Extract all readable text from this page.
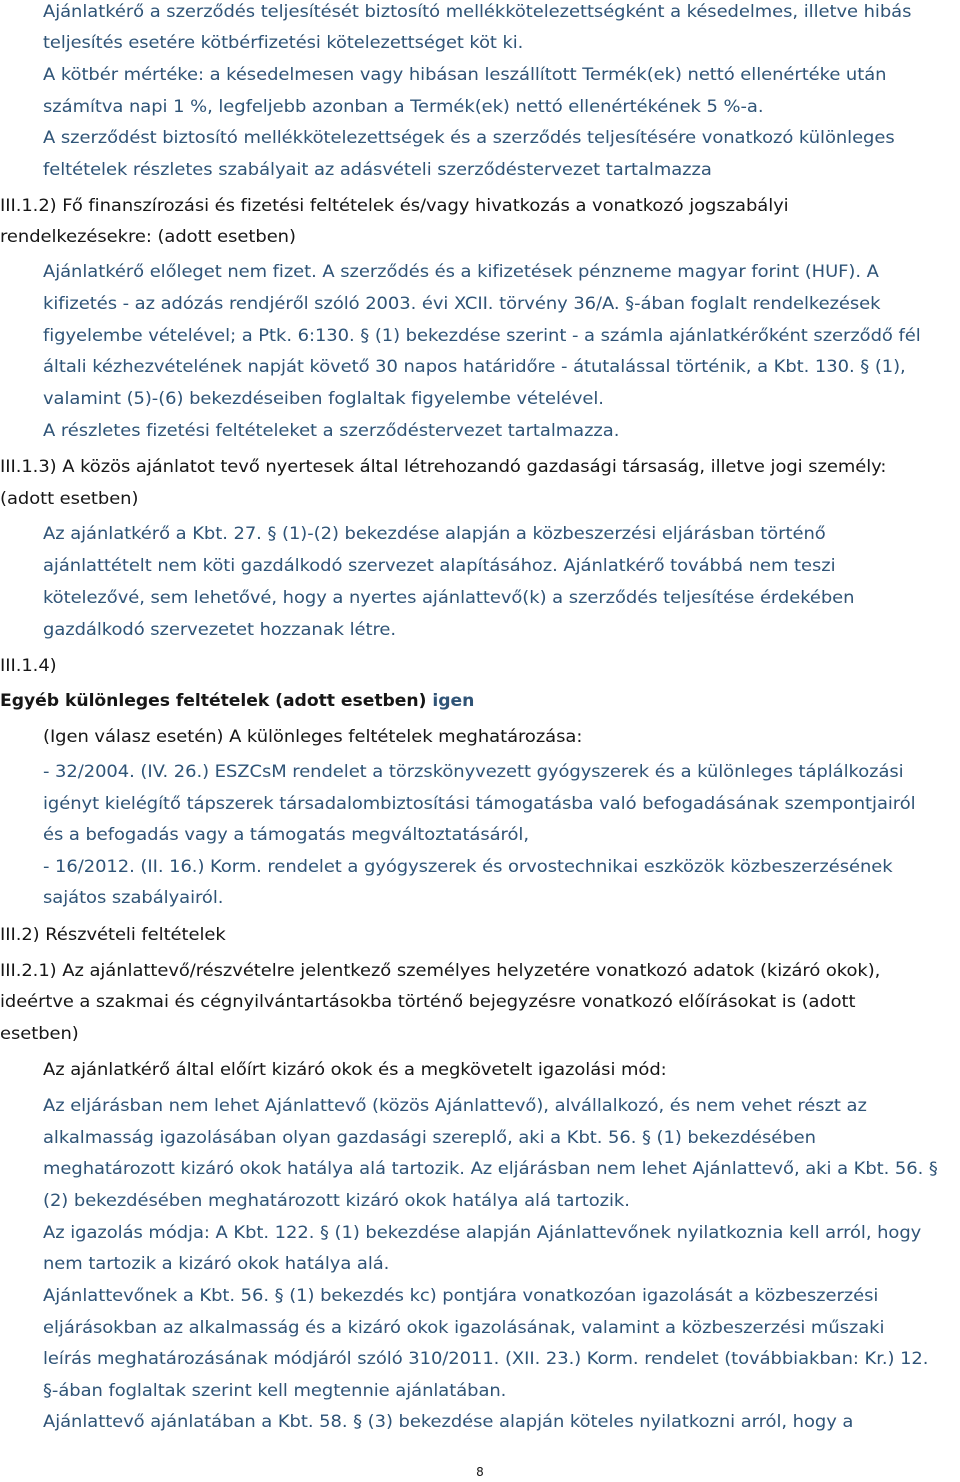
Ajánlatkérő a szerződés teljesítését biztosító mellékkötelezettségként a késedelmes, illetve hibás
teljesítés esetére kötbérfizetési kötelezettséget köt ki.
A kötbér mértéke: a késedelmesen vagy hibásan leszállított Termék(ek) nettó ellenértéke után
számítva napi 1 %, legfeljebb azonban a Termék(ek) nettó ellenértékének 5 %-a.
A szerződést biztosító mellékkötelezettségek és a szerződés teljesítésére vonatkozó különleges
feltételek részletes szabályait az adásvételi szerződéstervezet tartalmazza
III.1.2) Fő finanszírozási és fizetési feltételek és/vagy hivatkozás a vonatkozó jogszabályi
rendelkezésekre: (adott esetben)
Ajánlatkérő előleget nem fizet. A szerződés és a kifizetések pénzneme magyar forint (HUF). A
kifizetés - az adózás rendjéről szóló 2003. évi XCII. törvény 36/A. §-ában foglalt rendelkezések
figyelembe vételével; a Ptk. 6:130. § (1) bekezdése szerint - a számla ajánlatkérőként szerződő fél
általi kézhezvételének napját követő 30 napos határidőre - átutalással történik, a Kbt. 130. § (1),
valamint (5)-(6) bekezdéseiben foglaltak figyelembe vételével.
A részletes fizetési feltételeket a szerződéstervezet tartalmazza.
III.1.3) A közös ajánlatot tevő nyertesek által létrehozandó gazdasági társaság, illetve jogi személy:
(adott esetben)
Az ajánlatkérő a Kbt. 27. § (1)-(2) bekezdése alapján a közbeszerzési eljárásban történő
ajánlattételt nem köti gazdálkodó szervezet alapításához. Ajánlatkérő továbbá nem teszi
kötelezővé, sem lehetővé, hogy a nyertes ajánlattevő(k) a szerződés teljesítése érdekében
gazdálkodó szervezetet hozzanak létre.
III.1.4)
Egyéb különleges feltételek (adott esetben) igen
(Igen válasz esetén) A különleges feltételek meghatározása:
- 32/2004. (IV. 26.) ESZCsM rendelet a törzskönyvezett gyógyszerek és a különleges táplálkozási
igényt kielégítő tápszerek társadalombiztosítási támogatásba való befogadásának szempontjairól
és a befogadás vagy a támogatás megváltoztatásáról,
- 16/2012. (II. 16.) Korm. rendelet a gyógyszerek és orvostechnikai eszközök közbeszerzésének
sajátos szabályairól.
III.2) Részvételi feltételek
III.2.1) Az ajánlattevő/részvételre jelentkező személyes helyzetére vonatkozó adatok (kizáró okok),
ideértve a szakmai és cégnyilvántartásokba történő bejegyzésre vonatkozó előírásokat is (adott
esetben)
Az ajánlatkérő által előírt kizáró okok és a megkövetelt igazolási mód:
Az eljárásban nem lehet Ajánlattevő (közös Ajánlattevő), alvállalkozó, és nem vehet részt az
alkalmasság igazolásában olyan gazdasági szereplő, aki a Kbt. 56. § (1) bekezdésében
meghatározott kizáró okok hatálya alá tartozik. Az eljárásban nem lehet Ajánlattevő, aki a Kbt. 56. §
(2) bekezdésében meghatározott kizáró okok hatálya alá tartozik.
Az igazolás módja: A Kbt. 122. § (1) bekezdése alapján Ajánlattevőnek nyilatkoznia kell arról, hogy
nem tartozik a kizáró okok hatálya alá.
Ajánlattevőnek a Kbt. 56. § (1) bekezdés kc) pontjára vonatkozóan igazolását a közbeszerzési
eljárásokban az alkalmasság és a kizáró okok igazolásának, valamint a közbeszerzési műszaki
leírás meghatározásának módjáról szóló 310/2011. (XII. 23.) Korm. rendelet (továbbiakban: Kr.) 12.
§-ában foglaltak szerint kell megtennie ajánlatában.
Ajánlattevő ajánlatában a Kbt. 58. § (3) bekezdése alapján köteles nyilatkozni arról, hogy a
8
